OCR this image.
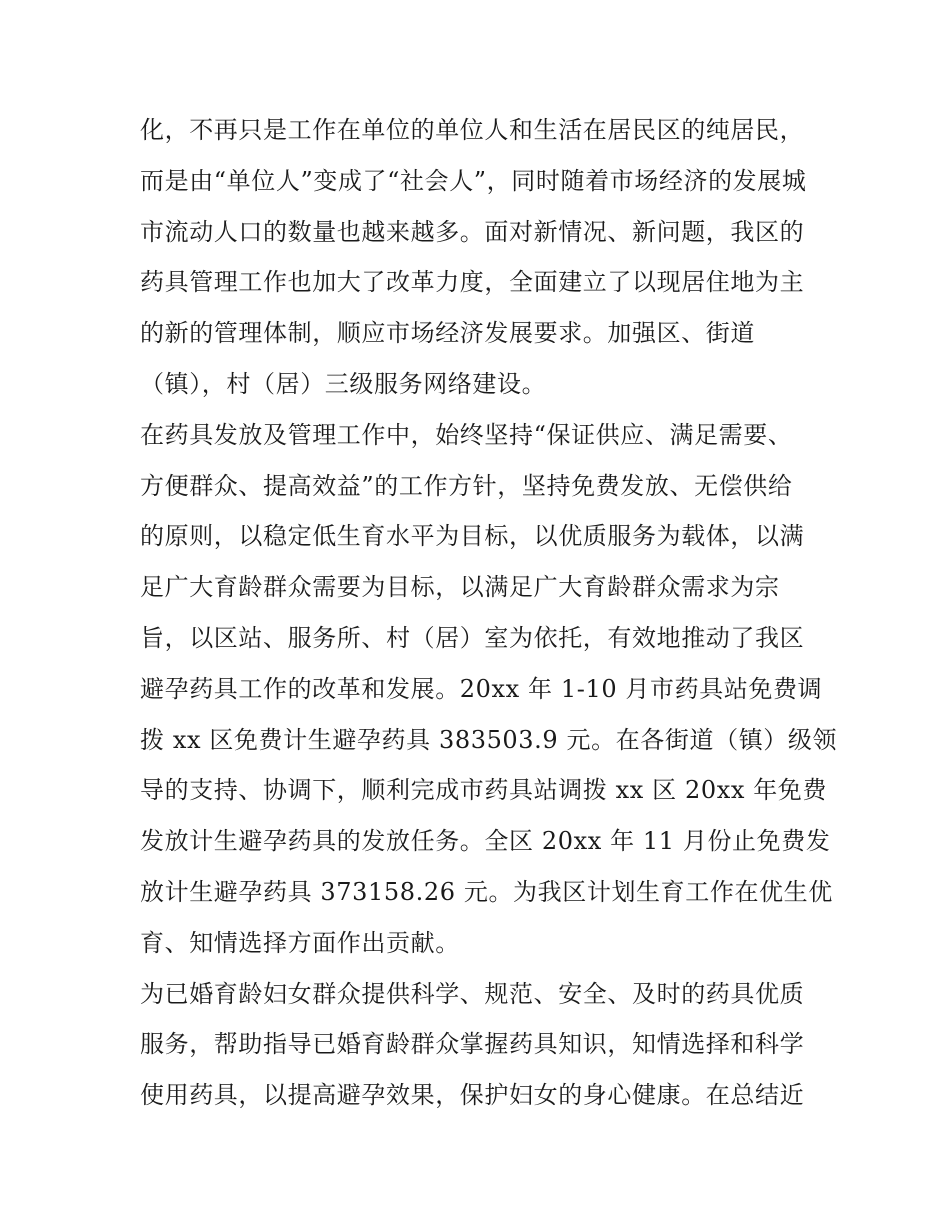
化，不再只是工作在单位的单位人和生活在居民区的纯居民，
而是由“单位人”变成了“社会人”，同时随着市场经济的发展城
市流动人口的数量也越来越多。面对新情况、新问题，我区的
药具管理工作也加大了改革力度，全面建立了以现居住地为主
的新的管理体制，顺应市场经济发展要求。加强区、街道
（镇），村（居）三级服务网络建设。
在药具发放及管理工作中，始终坚持“保证供应、满足需要、
方便群众、提高效益”的工作方针，坚持免费发放、无偿供给
的原则，以稳定低生育水平为目标，以优质服务为载体，以满
足广大育龄群众需要为目标，以满足广大育龄群众需求为宗
旨，以区站、服务所、村（居）室为依托，有效地推动了我区
避孕药具工作的改革和发展。20xx 年 1-10 月市药具站免费调
拨 xx 区免费计生避孕药具 383503.9 元。在各街道（镇）级领
导的支持、协调下，顺利完成市药具站调拨 xx 区 20xx 年免费
发放计生避孕药具的发放任务。全区 20xx 年 11 月份止免费发
放计生避孕药具 373158.26 元。为我区计划生育工作在优生优
育、知情选择方面作出贡献。
为已婚育龄妇女群众提供科学、规范、安全、及时的药具优质
服务，帮助指导已婚育龄群众掌握药具知识，知情选择和科学
使用药具，以提高避孕效果，保护妇女的身心健康。在总结近
